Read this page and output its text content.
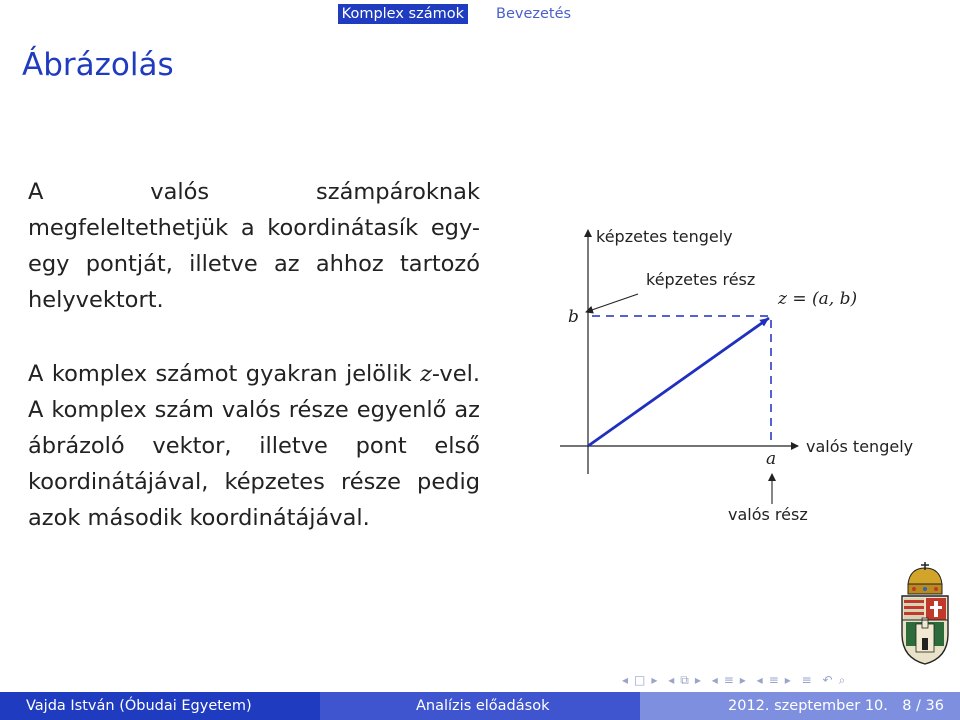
Komplex számok Bevezetés
Ábrázolás
A valós számpároknak megfeleltethetjük a koordinátasík egy-egy pontját, illetve az ahhoz tartozó helyvektort.
A komplex számot gyakran jelölik z-vel. A komplex szám valós része egyenlő az ábrázoló vektor, illetve pont első koordinátájával, képzetes része pedig azok második koordinátájával.
képzetes tengely
valós tengely
képzetes rész
z = (a, b)
b
a
valós rész
◂ □ ▸ ◂ ⧉ ▸ ◂ ≡ ▸ ◂ ≡ ▸ ≡ ↶ ⌕
Vajda István (Óbudai Egyetem)	Analízis előadások	2012. szeptember 10. 8 / 36
